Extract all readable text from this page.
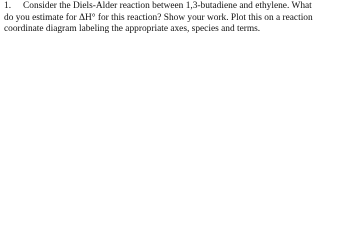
1. Consider the Diels-Alder reaction between 1,3-butadiene and ethylene. What
do you estimate for ΔH° for this reaction? Show your work. Plot this on a reaction
coordinate diagram labeling the appropriate axes, species and terms.
